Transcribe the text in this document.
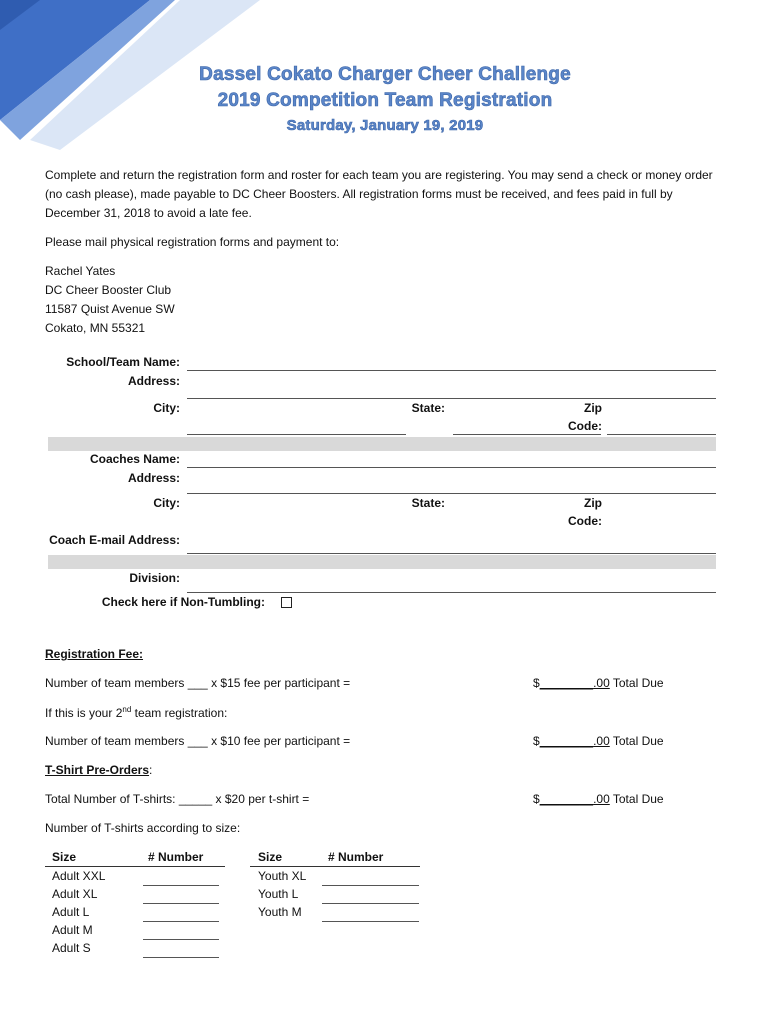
Dassel Cokato Charger Cheer Challenge
2019 Competition Team Registration
Saturday, January 19, 2019
Complete and return the registration form and roster for each team you are registering. You may send a check or money order (no cash please), made payable to DC Cheer Boosters. All registration forms must be received, and fees paid in full by December 31, 2018 to avoid a late fee.
Please mail physical registration forms and payment to:
Rachel Yates
DC Cheer Booster Club
11587 Quist Avenue SW
Cokato, MN 55321
School/Team Name:
Address:
City:	State:	Zip
Code:
Coaches Name:
Address:
City:	State:	Zip
Code:
Coach E-mail Address:
Division:
Check here if Non-Tumbling:
Registration Fee:
Number of team members ___ x $15 fee per participant =	$________.00 Total Due
If this is your 2nd team registration:
Number of team members ___ x $10 fee per participant =	$________.00 Total Due
T-Shirt Pre-Orders:
Total Number of T-shirts: _____ x $20 per t-shirt =	$________.00 Total Due
Number of T-shirts according to size:
Size	# Number
Adult XXL
Adult XL
Adult L
Adult M
Adult S
Size	# Number
Youth XL
Youth L
Youth M
